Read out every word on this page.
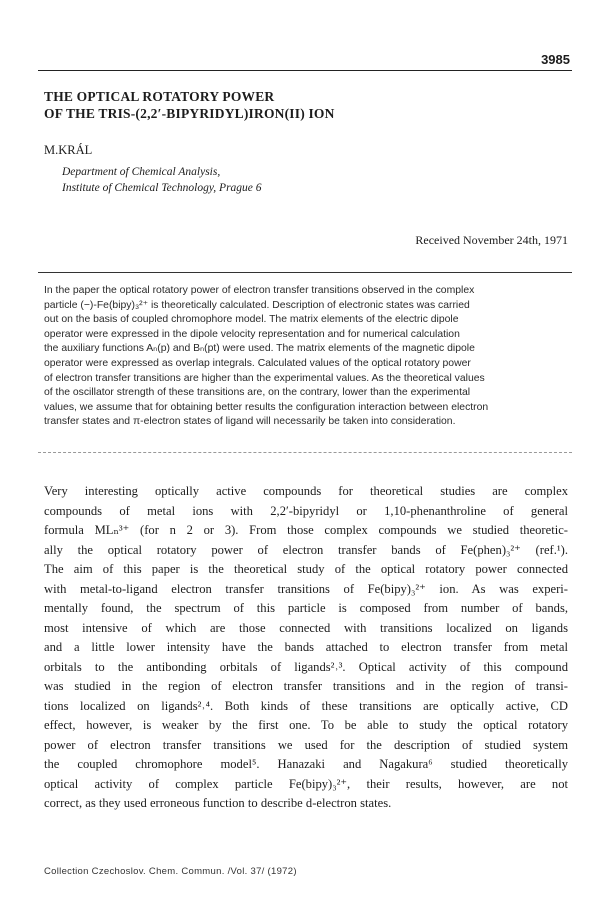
3985
THE OPTICAL ROTATORY POWER
OF THE TRIS-(2,2′-BIPYRIDYL)IRON(II) ION
M.KRÁL
Department of Chemical Analysis,
Institute of Chemical Technology, Prague 6
Received November 24th, 1971
In the paper the optical rotatory power of electron transfer transitions observed in the complex
particle (−)-Fe(bipy)₃²⁺ is theoretically calculated. Description of electronic states was carried
out on the basis of coupled chromophore model. The matrix elements of the electric dipole
operator were expressed in the dipole velocity representation and for numerical calculation
the auxiliary functions Aₙ(p) and Bₙ(pt) were used. The matrix elements of the magnetic dipole
operator were expressed as overlap integrals. Calculated values of the optical rotatory power
of electron transfer transitions are higher than the experimental values. As the theoretical values
of the oscillator strength of these transitions are, on the contrary, lower than the experimental
values, we assume that for obtaining better results the configuration interaction between electron
transfer states and π-electron states of ligand will necessarily be taken into consideration.
Very interesting optically active compounds for theoretical studies are complex
compounds of metal ions with 2,2′-bipyridyl or 1,10-phenanthroline of general
formula MLₙ³⁺ (for n 2 or 3). From those complex compounds we studied theoretic-
ally the optical rotatory power of electron transfer bands of Fe(phen)₃²⁺ (ref.¹).
The aim of this paper is the theoretical study of the optical rotatory power connected
with metal-to-ligand electron transfer transitions of Fe(bipy)₃²⁺ ion. As was experi-
mentally found, the spectrum of this particle is composed from number of bands,
most intensive of which are those connected with transitions localized on ligands
and a little lower intensity have the bands attached to electron transfer from metal
orbitals to the antibonding orbitals of ligands²˒³. Optical activity of this compound
was studied in the region of electron transfer transitions and in the region of transi-
tions localized on ligands²˒⁴. Both kinds of these transitions are optically active, CD
effect, however, is weaker by the first one. To be able to study the optical rotatory
power of electron transfer transitions we used for the description of studied system
the coupled chromophore model⁵. Hanazaki and Nagakura⁶ studied theoretically
optical activity of complex particle Fe(bipy)₃²⁺, their results, however, are not
correct, as they used erroneous function to describe d-electron states.
Collection Czechoslov. Chem. Commun. /Vol. 37/ (1972)
